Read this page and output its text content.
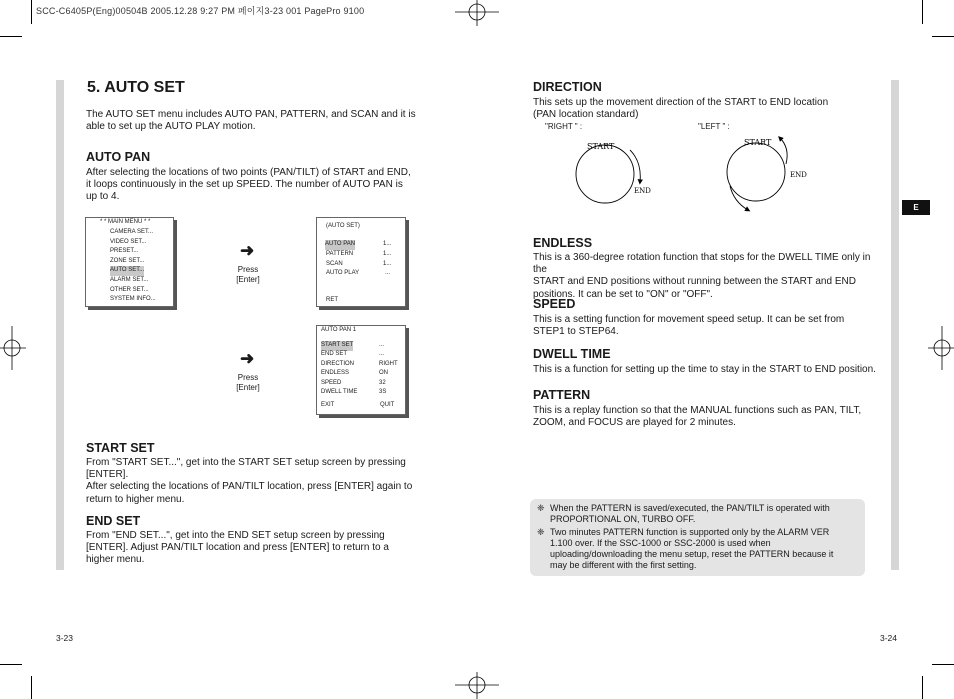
SCC-C6405P(Eng)00504B 2005.12.28 9:27 PM 페이지3-23 001 PagePro 9100
5. AUTO SET
The AUTO SET menu includes AUTO PAN, PATTERN, and SCAN and it is
able to set up the AUTO PLAY motion.
AUTO PAN
After selecting the locations of two points (PAN/TILT) of START and END,
it loops continuously in the set up SPEED. The number of AUTO PAN is
up to 4.
* * MAIN MENU * *
CAMERA SET...
VIDEO SET...
PRESET...
ZONE SET...
AUTO SET...
ALARM SET...
OTHER SET...
SYSTEM INFO...
➜
Press
[Enter]
(AUTO SET)
AUTO PAN	1...
PATTERN	1...
SCAN	1...
AUTO PLAY	...
RET
➜
Press
[Enter]
AUTO PAN 1
START SET	...
END SET	...
DIRECTION	RIGHT
ENDLESS	ON
SPEED	32
DWELL TIME	3S
EXIT	QUIT
START SET
From "START SET...", get into the START SET setup screen by pressing
[ENTER].
After selecting the locations of PAN/TILT location, press [ENTER] again to
return to higher menu.
END SET
From "END SET...", get into the END SET setup screen by pressing
[ENTER]. Adjust PAN/TILT location and press [ENTER] to return to a
higher menu.
3-23
DIRECTION
This sets up the movement direction of the START to END location
(PAN location standard)
"RIGHT " :	"LEFT " :
START
END
START
END
ENDLESS
This is a 360-degree rotation function that stops for the DWELL TIME only in the
START and END positions without running between the START and END
positions. It can be set to "ON" or "OFF".
SPEED
This is a setting function for movement speed setup. It can be set from
STEP1 to STEP64.
DWELL TIME
This is a function for setting up the time to stay in the START to END position.
PATTERN
This is a replay function so that the MANUAL functions such as PAN, TILT,
ZOOM, and FOCUS are played for 2 minutes.
❈ When the PATTERN is saved/executed, the PAN/TILT is operated with
PROPORTIONAL ON, TURBO OFF.
❈ Two minutes PATTERN function is supported only by the ALARM VER
1.100 over. If the SSC-1000 or SSC-2000 is used when
uploading/downloading the menu setup, reset the PATTERN because it
may be different with the first setting.
E
3-24
